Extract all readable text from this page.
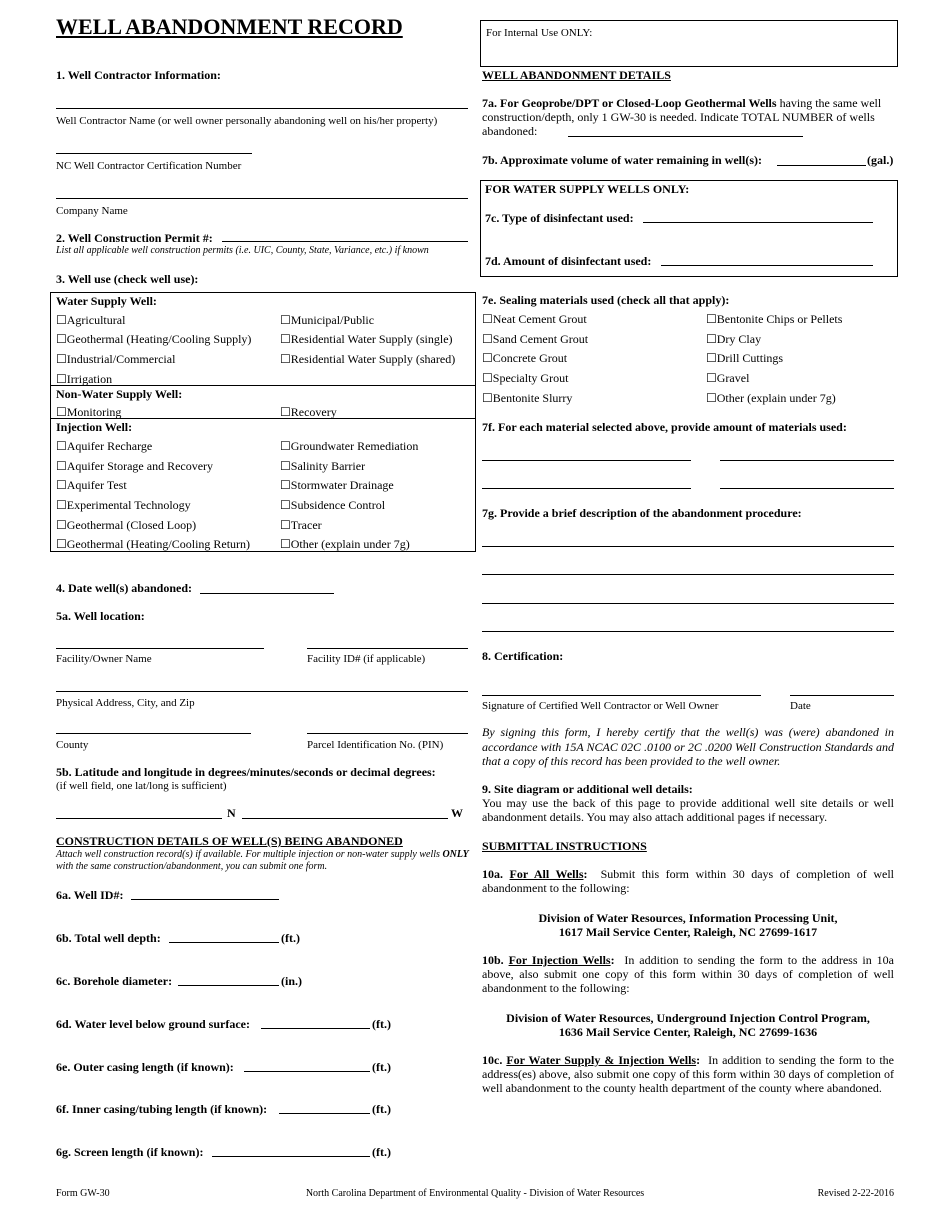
WELL ABANDONMENT RECORD
1. Well Contractor Information:
Well Contractor Name (or well owner personally abandoning well on his/her property)
NC Well Contractor Certification Number
Company Name
2. Well Construction Permit #:
List all applicable well construction permits (i.e. UIC, County, State, Variance, etc.) if known
3. Well use (check well use):
Water Supply Well:
☐ Agricultural
☐ Geothermal (Heating/Cooling Supply)
☐ Industrial/Commercial
☐ Irrigation
☐ Municipal/Public
☐ Residential Water Supply (single)
☐ Residential Water Supply (shared)
Non-Water Supply Well:
☐ Monitoring
☐	Recovery
Injection Well:
☐ Aquifer Recharge
☐ Aquifer Storage and Recovery
☐ Aquifer Test
☐ Experimental Technology
☐ Geothermal (Closed Loop)
☐ Geothermal (Heating/Cooling Return)
☐ Groundwater Remediation
☐ Salinity Barrier
☐ Stormwater Drainage
☐ Subsidence Control
☐ Tracer
☐ Other (explain under 7g)
4. Date well(s) abandoned:
5a. Well location:
Facility/Owner Name	Facility ID# (if applicable)
Physical Address, City, and Zip
County	Parcel Identification No. (PIN)
5b. Latitude and longitude in degrees/minutes/seconds or decimal degrees:
(if well field, one lat/long is sufficient)
N	W
CONSTRUCTION DETAILS OF WELL(S) BEING ABANDONED
Attach well construction record(s) if available. For multiple injection or non-water supply wells ONLY with the same construction/abandonment, you can submit one form.
6a. Well ID#:
6b. Total well depth:	(ft.)
6c. Borehole diameter:	(in.)
6d. Water level below ground surface:	(ft.)
6e. Outer casing length (if known):	(ft.)
6f. Inner casing/tubing length (if known):	(ft.)
6g. Screen length (if known):	(ft.)
For Internal Use ONLY:
WELL ABANDONMENT DETAILS
7a. For Geoprobe/DPT or Closed-Loop Geothermal Wells having the same well construction/depth, only 1 GW-30 is needed. Indicate TOTAL NUMBER of wells abandoned:
7b. Approximate volume of water remaining in well(s):	(gal.)
FOR WATER SUPPLY WELLS ONLY:
7c. Type of disinfectant used:
7d. Amount of disinfectant used:
7e. Sealing materials used (check all that apply):
☐ Neat Cement Grout
☐ Sand Cement Grout
☐ Concrete Grout
☐ Specialty Grout
☐ Bentonite Slurry
☐ Bentonite Chips or Pellets
☐ Dry Clay
☐ Drill Cuttings
☐ Gravel
☐ Other (explain under 7g)
7f. For each material selected above, provide amount of materials used:
7g. Provide a brief description of the abandonment procedure:
8. Certification:
Signature of Certified Well Contractor or Well Owner	Date
By signing this form, I hereby certify that the well(s) was (were) abandoned in accordance with 15A NCAC 02C .0100 or 2C .0200 Well Construction Standards and that a copy of this record has been provided to the well owner.
9. Site diagram or additional well details:
You may use the back of this page to provide additional well site details or well abandonment details. You may also attach additional pages if necessary.
SUBMITTAL INSTRUCTIONS
10a. For All Wells: Submit this form within 30 days of completion of well abandonment to the following:
Division of Water Resources, Information Processing Unit,
1617 Mail Service Center, Raleigh, NC 27699-1617
10b. For Injection Wells: In addition to sending the form to the address in 10a above, also submit one copy of this form within 30 days of completion of well abandonment to the following:
Division of Water Resources, Underground Injection Control Program,
1636 Mail Service Center, Raleigh, NC 27699-1636
10c. For Water Supply & Injection Wells: In addition to sending the form to the address(es) above, also submit one copy of this form within 30 days of completion of well abandonment to the county health department of the county where abandoned.
Form GW-30	North Carolina Department of Environmental Quality - Division of Water Resources	Revised 2-22-2016
